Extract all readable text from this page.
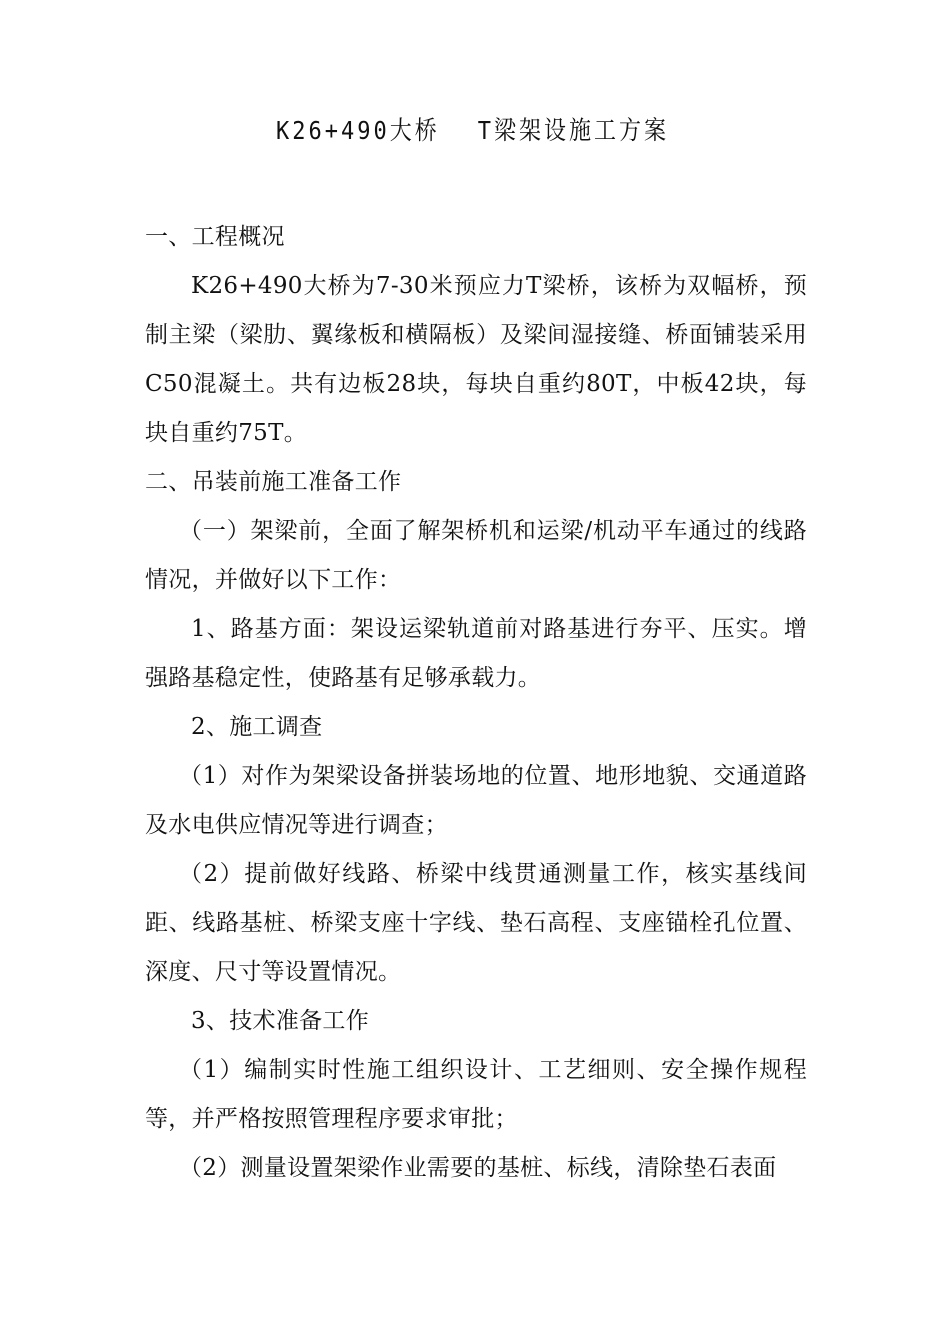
K26+490大桥 T梁架设施工方案

一、工程概况

K26+490大桥为7-30米预应力T梁桥，该桥为双幅桥，预制主梁（梁肋、翼缘板和横隔板）及梁间湿接缝、桥面铺装采用C50混凝土。共有边板28块，每块自重约80T，中板42块，每块自重约75T。

二、吊装前施工准备工作

（一）架梁前，全面了解架桥机和运梁/机动平车通过的线路情况，并做好以下工作：

1、路基方面：架设运梁轨道前对路基进行夯平、压实。增强路基稳定性，使路基有足够承载力。

2、施工调查

（1）对作为架梁设备拼装场地的位置、地形地貌、交通道路及水电供应情况等进行调查；

（2）提前做好线路、桥梁中线贯通测量工作，核实基线间距、线路基桩、桥梁支座十字线、垫石高程、支座锚栓孔位置、深度、尺寸等设置情况。

3、技术准备工作

（1）编制实时性施工组织设计、工艺细则、安全操作规程等，并严格按照管理程序要求审批；

（2）测量设置架梁作业需要的基桩、标线，清除垫石表面
